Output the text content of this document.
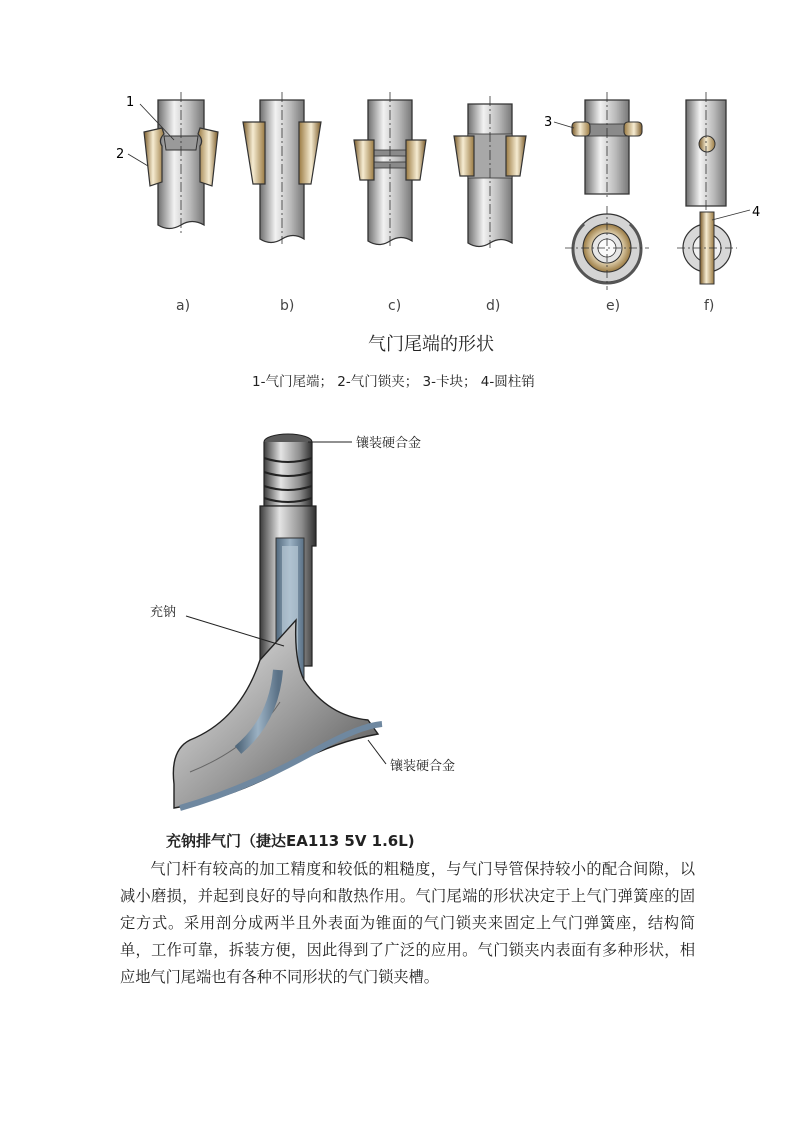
1
2
3
4
a)	b)	c)	d)	e)	f)
气门尾端的形状
1-气门尾端； 2-气门锁夹； 3-卡块； 4-圆柱销
镶装硬合金
充钠
镶装硬合金
充钠排气门（捷达EA113 5V 1.6L)

气门杆有较高的加工精度和较低的粗糙度，与气门导管保持较小的配合间隙，以减小磨损，并起到良好的导向和散热作用。气门尾端的形状决定于上气门弹簧座的固定方式。采用剖分成两半且外表面为锥面的气门锁夹来固定上气门弹簧座，结构简单，工作可靠，拆装方便，因此得到了广泛的应用。气门锁夹内表面有多种形状，相应地气门尾端也有各种不同形状的气门锁夹槽。
